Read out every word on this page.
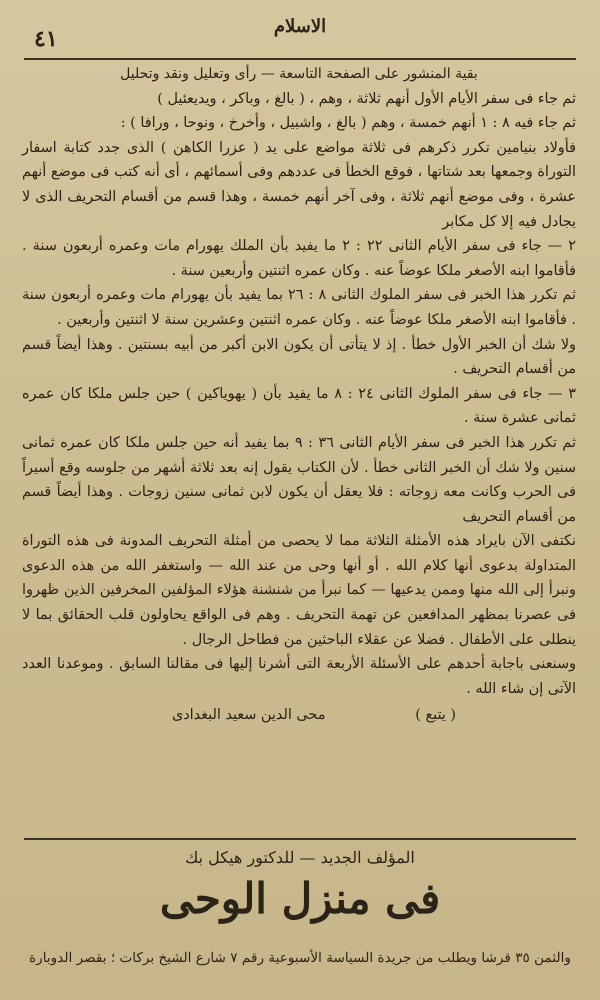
٤١	الاسلام

بقية المنشور على الصفحة التاسعة — رأى وتعليل ونقد وتحليل

ثم جاء فى سفر الأيام الأول أنهم ثلاثة ، وهم ، ( بالغ ، وباكر ، ويديعئيل )

ثم جاء فيه ٨ : ١ أنهم خمسة ، وهم ( بالغ ، واشبيل ، وأخرخ ، ونوحا ، ورافا ) :

فأولاد بنيامين تكرر ذكرهم فى ثلاثة مواضع على يد ( عزرا الكاهن ) الذى جدد كتابة اسفار التوراة وجمعها بعد شتاتها ، فوقع الخطأ فى عددهم وفى أسمائهم ، أى أنه كتب فى موضع أنهم عشرة ، وفى موضع أنهم ثلاثة ، وفى آخر أنهم خمسة ، وهذا قسم من أقسام التحريف الذى لا يجادل فيه إلا كل مكابر

٢ — جاء فى سفر الأيام الثانى ٢٢ : ٢ ما يفيد بأن الملك يهورام مات وعمره أربعون سنة . فأقاموا ابنه الأصغر ملكا عوضاً عنه . وكان عمره اثنتين وأربعين سنة .

ثم تكرر هذا الخبر فى سفر الملوك الثانى ٨ : ٢٦ بما يفيد بأن يهورام مات وعمره أربعون سنة . فأقاموا ابنه الأصغر ملكا عوضاً عنه . وكان عمره اثنتين وعشرين سنة لا اثنتين وأربعين .

ولا شك أن الخبر الأول خطأ . إذ لا يتأتى أن يكون الابن أكبر من أبيه بسنتين . وهذا أيضاً قسم من أقسام التحريف .

٣ — جاء فى سفر الملوك الثانى ٢٤ : ٨ ما يفيد بأن ( يهوياكين ) حين جلس ملكا كان عمره ثمانى عشرة سنة .

ثم تكرر هذا الخبر فى سفر الأيام الثانى ٣٦ : ٩ بما يفيد أنه حين جلس ملكا كان عمره ثمانى سنين ولا شك أن الخبر الثانى خطأ . لأن الكتاب يقول إنه بعد ثلاثة أشهر من جلوسه وقع أسيراً فى الحرب وكانت معه زوجاته : فلا يعقل أن يكون لابن ثمانى سنين زوجات . وهذا أيضاً قسم من أقسام التحريف

نكتفى الآن بايراد هذه الأمثلة الثلاثة مما لا يحصى من أمثلة التحريف المدونة فى هذه التوراة المتداولة بدعوى أنها كلام الله . أو أنها وحى من عند الله — واستغفر الله من هذه الدعوى ونبرأ إلى الله منها وممن يدعيها — كما نبرأ من شنشنة هؤلاء المؤلفين المخرفين الذين ظهروا فى عصرنا بمظهر المدافعين عن تهمة التحريف . وهم فى الواقع يحاولون قلب الحقائق بما لا ينطلى على الأطفال . فضلا عن عقلاء الباحثين من فطاحل الرجال .

وسنعنى باجابة أحدهم على الأسئلة الأربعة التى أشرنا إليها فى مقالنا السابق . وموعدنا العدد الآتى إن شاء الله .

( يتبع )
محى الدين سعيد البغدادى
المؤلف الجديد — للدكتور هيكل بك
فى منزل الوحى
والثمن ٣٥ قرشا ويطلب من جريدة السياسة الأسبوعية رقم ٧ شارع الشيخ بركات ؛ بقصر الدوبارة
